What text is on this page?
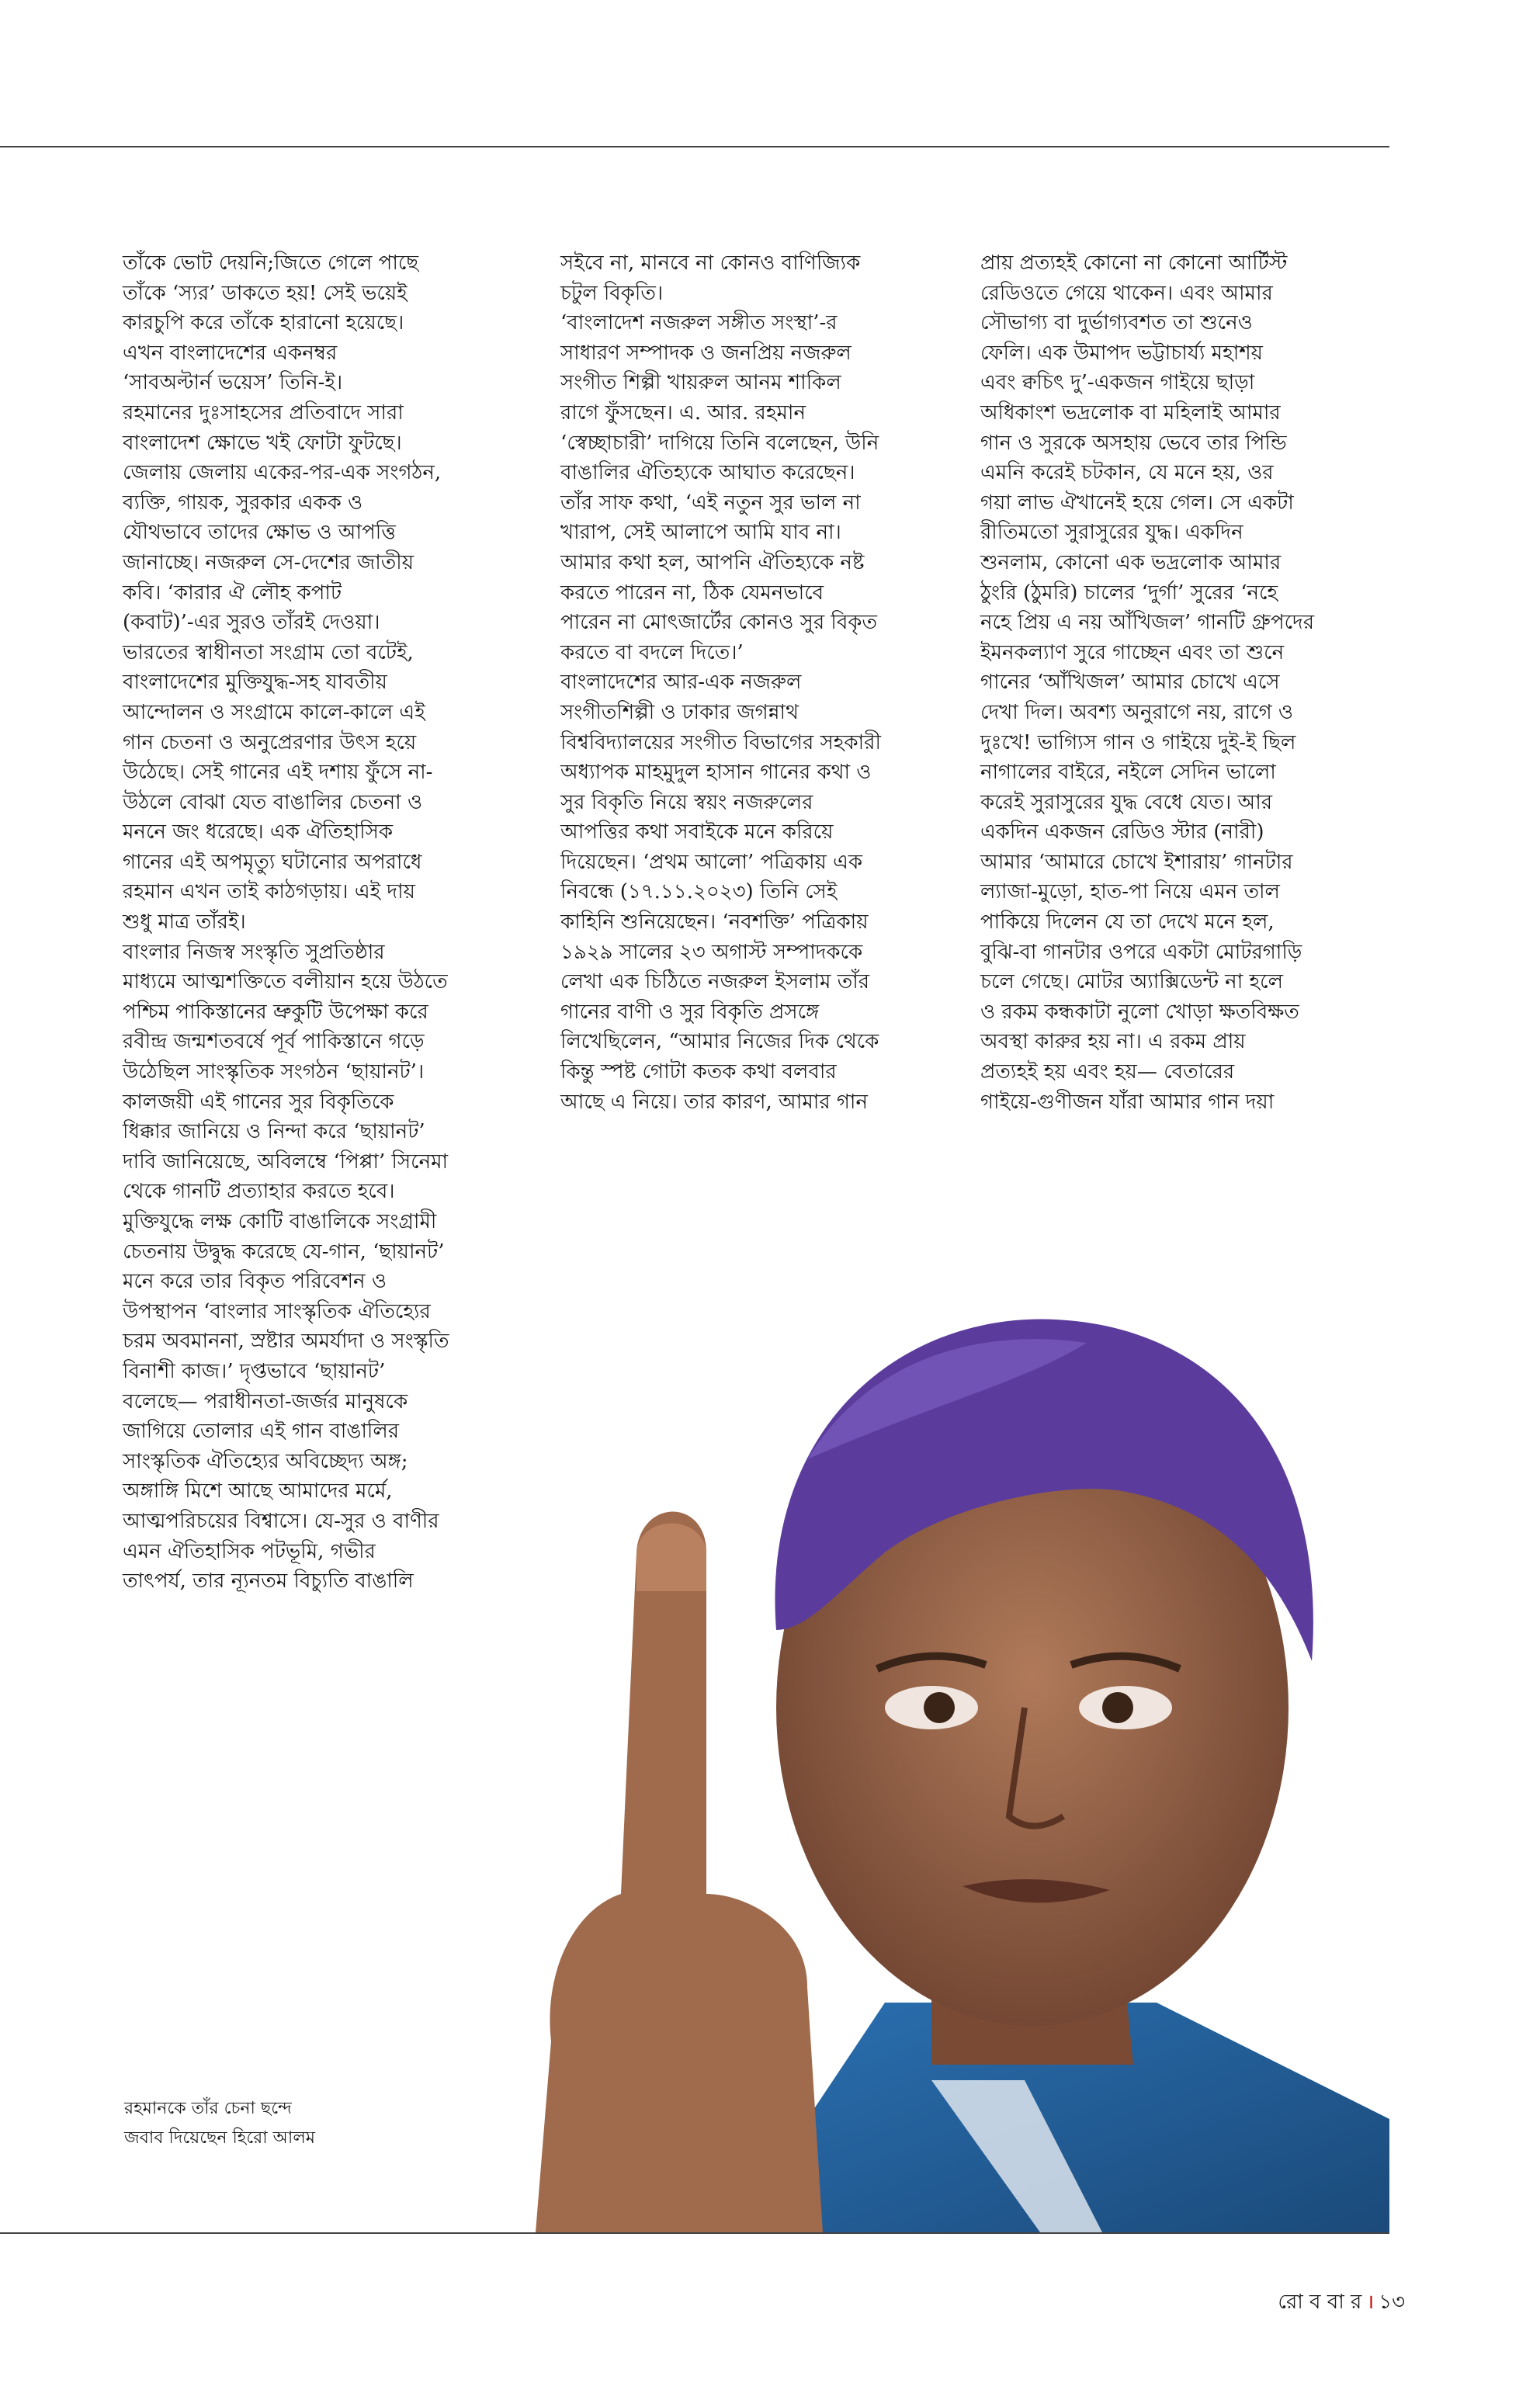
তাঁকে ভোট দেয়নি;জিতে গেলে পাছে

তাঁকে ‘স্যর’ ডাকতে হয়! সেই ভয়েই

কারচুপি করে তাঁকে হারানো হয়েছে।

এখন বাংলাদেশের একনম্বর

‘সাবঅল্টার্ন ভয়েস’ তিনি-ই।

রহমানের দুঃসাহসের প্রতিবাদে সারা

বাংলাদেশ ক্ষোভে খই ফোটা ফুটছে।

জেলায় জেলায় একের-পর-এক সংগঠন,

ব্যক্তি, গায়ক, সুরকার একক ও

যৌথভাবে তাদের ক্ষোভ ও আপত্তি

জানাচ্ছে। নজরুল সে-দেশের জাতীয়

কবি। ‘কারার ঐ লৌহ কপাট

(কবাট)’-এর সুরও তাঁরই দেওয়া।

ভারতের স্বাধীনতা সংগ্রাম তো বটেই,

বাংলাদেশের মুক্তিযুদ্ধ-সহ যাবতীয়

আন্দোলন ও সংগ্রামে কালে-কালে এই

গান চেতনা ও অনুপ্রেরণার উৎস হয়ে

উঠেছে। সেই গানের এই দশায় ফুঁসে না-

উঠলে বোঝা যেত বাঙালির চেতনা ও

মননে জং ধরেছে। এক ঐতিহাসিক

গানের এই অপমৃত্যু ঘটানোর অপরাধে

রহমান এখন তাই কাঠগড়ায়। এই দায়

শুধু মাত্র তাঁরই।

বাংলার নিজস্ব সংস্কৃতি সুপ্রতিষ্ঠার

মাধ্যমে আত্মশক্তিতে বলীয়ান হয়ে উঠতে

পশ্চিম পাকিস্তানের ভ্রুকুটি উপেক্ষা করে

রবীন্দ্র জন্মশতবর্ষে পূর্ব পাকিস্তানে গড়ে

উঠেছিল সাংস্কৃতিক সংগঠন ‘ছায়ানট’।

কালজয়ী এই গানের সুর বিকৃতিকে

ধিক্কার জানিয়ে ও নিন্দা করে ‘ছায়ানট’

দাবি জানিয়েছে, অবিলম্বে ‘পিপ্পা’ সিনেমা

থেকে গানটি প্রত্যাহার করতে হবে।

মুক্তিযুদ্ধে লক্ষ কোটি বাঙালিকে সংগ্রামী

চেতনায় উদ্বুদ্ধ করেছে যে-গান, ‘ছায়ানট’

মনে করে তার বিকৃত পরিবেশন ও

উপস্থাপন ‘বাংলার সাংস্কৃতিক ঐতিহ্যের

চরম অবমাননা, স্রষ্টার অমর্যাদা ও সংস্কৃতি

বিনাশী কাজ।’ দৃপ্তভাবে ‘ছায়ানট’

বলেছে— পরাধীনতা-জর্জর মানুষকে

জাগিয়ে তোলার এই গান বাঙালির

সাংস্কৃতিক ঐতিহ্যের অবিচ্ছেদ্য অঙ্গ;

অঙ্গাঙ্গি মিশে আছে আমাদের মর্মে,

আত্মপরিচয়ের বিশ্বাসে। যে-সুর ও বাণীর

এমন ঐতিহাসিক পটভূমি, গভীর

তাৎপর্য, তার ন্যূনতম বিচ্যুতি বাঙালি

সইবে না, মানবে না কোনও বাণিজ্যিক

চটুল বিকৃতি।

‘বাংলাদেশ নজরুল সঙ্গীত সংস্থা’-র

সাধারণ সম্পাদক ও জনপ্রিয় নজরুল

সংগীত শিল্পী খায়রুল আনম শাকিল

রাগে ফুঁসছেন। এ. আর. রহমান

‘স্বেচ্ছাচারী’ দাগিয়ে তিনি বলেছেন, উনি

বাঙালির ঐতিহ্যকে আঘাত করেছেন।

তাঁর সাফ কথা, ‘এই নতুন সুর ভাল না

খারাপ, সেই আলাপে আমি যাব না।

আমার কথা হল, আপনি ঐতিহ্যকে নষ্ট

করতে পারেন না, ঠিক যেমনভাবে

পারেন না মোৎজার্টের কোনও সুর বিকৃত

করতে বা বদলে দিতে।’

বাংলাদেশের আর-এক নজরুল

সংগীতশিল্পী ও ঢাকার জগন্নাথ

বিশ্ববিদ্যালয়ের সংগীত বিভাগের সহকারী

অধ্যাপক মাহমুদুল হাসান গানের কথা ও

সুর বিকৃতি নিয়ে স্বয়ং নজরুলের

আপত্তির কথা সবাইকে মনে করিয়ে

দিয়েছেন। ‘প্রথম আলো’ পত্রিকায় এক

নিবন্ধে (১৭.১১.২০২৩) তিনি সেই

কাহিনি শুনিয়েছেন। ‘নবশক্তি’ পত্রিকায়

১৯২৯ সালের ২৩ অগাস্ট সম্পাদককে

লেখা এক চিঠিতে নজরুল ইসলাম তাঁর

গানের বাণী ও সুর বিকৃতি প্রসঙ্গে

লিখেছিলেন, “আমার নিজের দিক থেকে

কিন্তু স্পষ্ট গোটা কতক কথা বলবার

আছে এ নিয়ে। তার কারণ, আমার গান

প্রায় প্রত্যহই কোনো না কোনো আর্টিস্ট

রেডিওতে গেয়ে থাকেন। এবং আমার

সৌভাগ্য বা দুর্ভাগ্যবশত তা শুনেও

ফেলি। এক উমাপদ ভট্টাচার্য্য মহাশয়

এবং ক্বচিৎ দু’-একজন গাইয়ে ছাড়া

অধিকাংশ ভদ্রলোক বা মহিলাই আমার

গান ও সুরকে অসহায় ভেবে তার পিন্ডি

এমনি করেই চটকান, যে মনে হয়, ওর

গয়া লাভ ঐখানেই হয়ে গেল। সে একটা

রীতিমতো সুরাসুরের যুদ্ধ। একদিন

শুনলাম, কোনো এক ভদ্রলোক আমার

ঠুংরি (ঠুমরি) চালের ‘দুর্গা’ সুরের ‘নহে

নহে প্রিয় এ নয় আঁখিজল’ গানটি গ্রুপদের

ইমনকল্যাণ সুরে গাচ্ছেন এবং তা শুনে

গানের ‘আঁখিজল’ আমার চোখে এসে

দেখা দিল। অবশ্য অনুরাগে নয়, রাগে ও

দুঃখে! ভাগ্যিস গান ও গাইয়ে দুই-ই ছিল

নাগালের বাইরে, নইলে সেদিন ভালো

করেই সুরাসুরের যুদ্ধ বেধে যেত। আর

একদিন একজন রেডিও স্টার (নারী)

আমার ‘আমারে চোখে ইশারায়’ গানটার

ল্যাজা-মুড়ো, হাত-পা নিয়ে এমন তাল

পাকিয়ে দিলেন যে তা দেখে মনে হল,

বুঝি-বা গানটার ওপরে একটা মোটরগাড়ি

চলে গেছে। মোটর অ্যাক্সিডেন্ট না হলে

ও রকম কন্ধকাটা নুলো খোড়া ক্ষতবিক্ষত

অবস্থা কারুর হয় না। এ রকম প্রায়

প্রত্যহই হয় এবং হয়— বেতারের

গাইয়ে-গুণীজন যাঁরা আমার গান দয়া

রহমানকে তাঁর চেনা ছন্দে

জবাব দিয়েছেন হিরো আলম

রো ব বা র । ১৩
